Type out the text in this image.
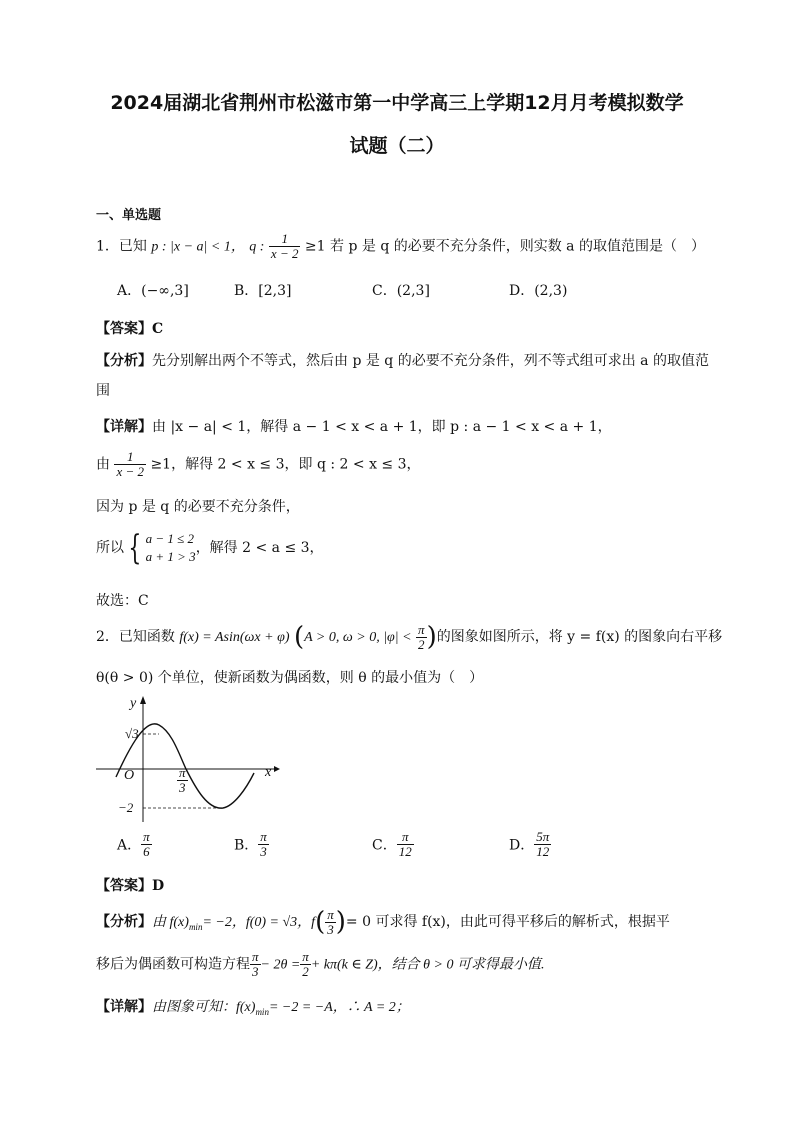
2024届湖北省荆州市松滋市第一中学高三上学期12月月考模拟数学
试题（二）
一、单选题
1．已知 p : |x − a| < 1， q : $\frac{1}{x - 2} \ge 1$ 若 p 是 q 的必要不充分条件，则实数 a 的取值范围是（　）
A．(−∞,3]	B．[2,3]	C．(2,3]	D．(2,3)
【答案】C
【分析】先分别解出两个不等式，然后由 p 是 q 的必要不充分条件，列不等式组可求出 a 的取值范
围
【详解】由 |x − a| < 1，解得 a − 1 < x < a + 1，即 p : a − 1 < x < a + 1，
由 $\frac{1}{x - 2} \ge 1$，解得 2 < x ≤ 3，即 q : 2 < x ≤ 3，
因为 p 是 q 的必要不充分条件，
所以 { a − 1 ≤ 2
a + 1 > 3
，解得 2 < a ≤ 3，
故选：C
2．已知函数 f(x) = Asin(ωx + φ) (A > 0, ω > 0, $|\varphi| < \frac{\pi}{2}$ )的图象如图所示，将 y = f(x) 的图象向右平移
θ(θ > 0) 个单位，使新函数为偶函数，则 θ 的最小值为（　）
y
x
O
√3
−2
$\frac{\pi}{3}$
A． $\frac{\pi}{6}$	B． $\frac{\pi}{3}$	C． $\frac{\pi}{12}$	D． $\frac{5\pi}{12}$
【答案】D
【分析】由 $f(x)_{min}= -2$，f(0) = √3，$f( \frac{\pi}{3}$ )= 0 可求得 f(x)，由此可得平移后的解析式，根据平
移后为偶函数可构造方程 $\frac{\pi}{3} - 2\theta = \frac{\pi}{2} + k\pi(k$ ∈ Z)，结合 θ > 0 可求得最小值.
【详解】由图象可知：$f(x)_{min}= -2 = -A$，∴ A = 2；
